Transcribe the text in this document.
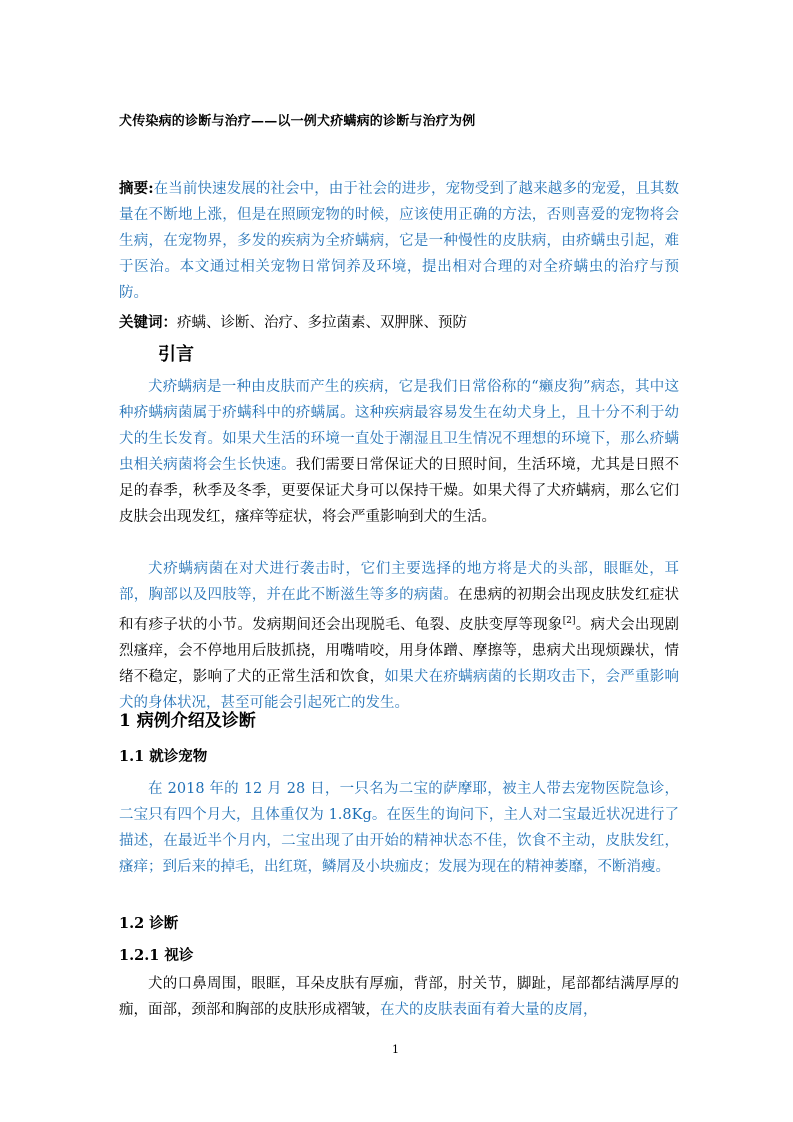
犬传染病的诊断与治疗——以一例犬疥螨病的诊断与治疗为例
摘要:在当前快速发展的社会中，由于社会的进步，宠物受到了越来越多的宠爱，且其数量在不断地上涨，但是在照顾宠物的时候，应该使用正确的方法，否则喜爱的宠物将会生病，在宠物界，多发的疾病为全疥螨病，它是一种慢性的皮肤病，由疥螨虫引起，难于医治。本文通过相关宠物日常饲养及环境，提出相对合理的对全疥螨虫的治疗与预防。
关键词：疥螨、诊断、治疗、多拉菌素、双胛脒、预防
引言
犬疥螨病是一种由皮肤而产生的疾病，它是我们日常俗称的“癞皮狗”病态，其中这种疥螨病菌属于疥螨科中的疥螨属。这种疾病最容易发生在幼犬身上，且十分不利于幼犬的生长发育。如果犬生活的环境一直处于潮湿且卫生情况不理想的环境下，那么疥螨虫相关病菌将会生长快速。我们需要日常保证犬的日照时间，生活环境，尤其是日照不足的春季，秋季及冬季，更要保证犬身可以保持干燥。如果犬得了犬疥螨病，那么它们皮肤会出现发红，瘙痒等症状，将会严重影响到犬的生活。
犬疥螨病菌在对犬进行袭击时，它们主要选择的地方将是犬的头部，眼眶处，耳部，胸部以及四肢等，并在此不断滋生等多的病菌。在患病的初期会出现皮肤发红症状和有疹子状的小节。发病期间还会出现脱毛、龟裂、皮肤变厚等现象[2]。病犬会出现剧烈瘙痒，会不停地用后肢抓挠，用嘴啃咬，用身体蹭、摩擦等，患病犬出现烦躁状，情绪不稳定，影响了犬的正常生活和饮食，如果犬在疥螨病菌的长期攻击下，会严重影响犬的身体状况，甚至可能会引起死亡的发生。
1 病例介绍及诊断
1.1 就诊宠物
在 2018 年的 12 月 28 日，一只名为二宝的萨摩耶，被主人带去宠物医院急诊，二宝只有四个月大，且体重仅为 1.8Kg。在医生的询问下，主人对二宝最近状况进行了描述，在最近半个月内，二宝出现了由开始的精神状态不佳，饮食不主动，皮肤发红，瘙痒；到后来的掉毛，出红斑，鳞屑及小块痂皮；发展为现在的精神萎靡，不断消瘦。
1.2 诊断
1.2.1 视诊
犬的口鼻周围，眼眶，耳朵皮肤有厚痂，背部，肘关节，脚趾，尾部都结满厚厚的痂，面部，颈部和胸部的皮肤形成褶皱，在犬的皮肤表面有着大量的皮屑，
1
